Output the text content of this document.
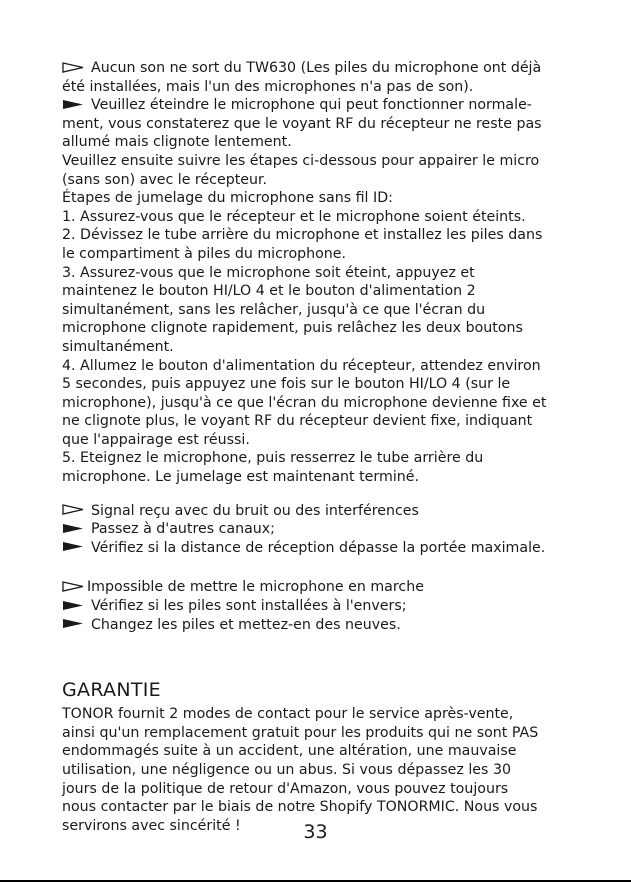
Aucun son ne sort du TW630 (Les piles du microphone ont déjà
été installées, mais l'un des microphones n'a pas de son).
Veuillez éteindre le microphone qui peut fonctionner normale-
ment, vous constaterez que le voyant RF du récepteur ne reste pas
allumé mais clignote lentement.
Veuillez ensuite suivre les étapes ci-dessous pour appairer le micro
(sans son) avec le récepteur.
Étapes de jumelage du microphone sans fil ID:
1. Assurez-vous que le récepteur et le microphone soient éteints.
2. Dévissez le tube arrière du microphone et installez les piles dans
le compartiment à piles du microphone.
3. Assurez-vous que le microphone soit éteint, appuyez et
maintenez le bouton HI/LO 4 et le bouton d'alimentation 2
simultanément, sans les relâcher, jusqu'à ce que l'écran du
microphone clignote rapidement, puis relâchez les deux boutons
simultanément.
4. Allumez le bouton d'alimentation du récepteur, attendez environ
5 secondes, puis appuyez une fois sur le bouton HI/LO 4 (sur le
microphone), jusqu'à ce que l'écran du microphone devienne fixe et
ne clignote plus, le voyant RF du récepteur devient fixe, indiquant
que l'appairage est réussi.
5. Eteignez le microphone, puis resserrez le tube arrière du
microphone. Le jumelage est maintenant terminé.
Signal reçu avec du bruit ou des interférences
Passez à d'autres canaux;
Vérifiez si la distance de réception dépasse la portée maximale.
Impossible de mettre le microphone en marche
Vérifiez si les piles sont installées à l'envers;
Changez les piles et mettez-en des neuves.
GARANTIE
TONOR fournit 2 modes de contact pour le service après-vente,
ainsi qu'un remplacement gratuit pour les produits qui ne sont PAS
endommagés suite à un accident, une altération, une mauvaise
utilisation, une négligence ou un abus. Si vous dépassez les 30
jours de la politique de retour d'Amazon, vous pouvez toujours
nous contacter par le biais de notre Shopify TONORMIC. Nous vous
servirons avec sincérité !	33
